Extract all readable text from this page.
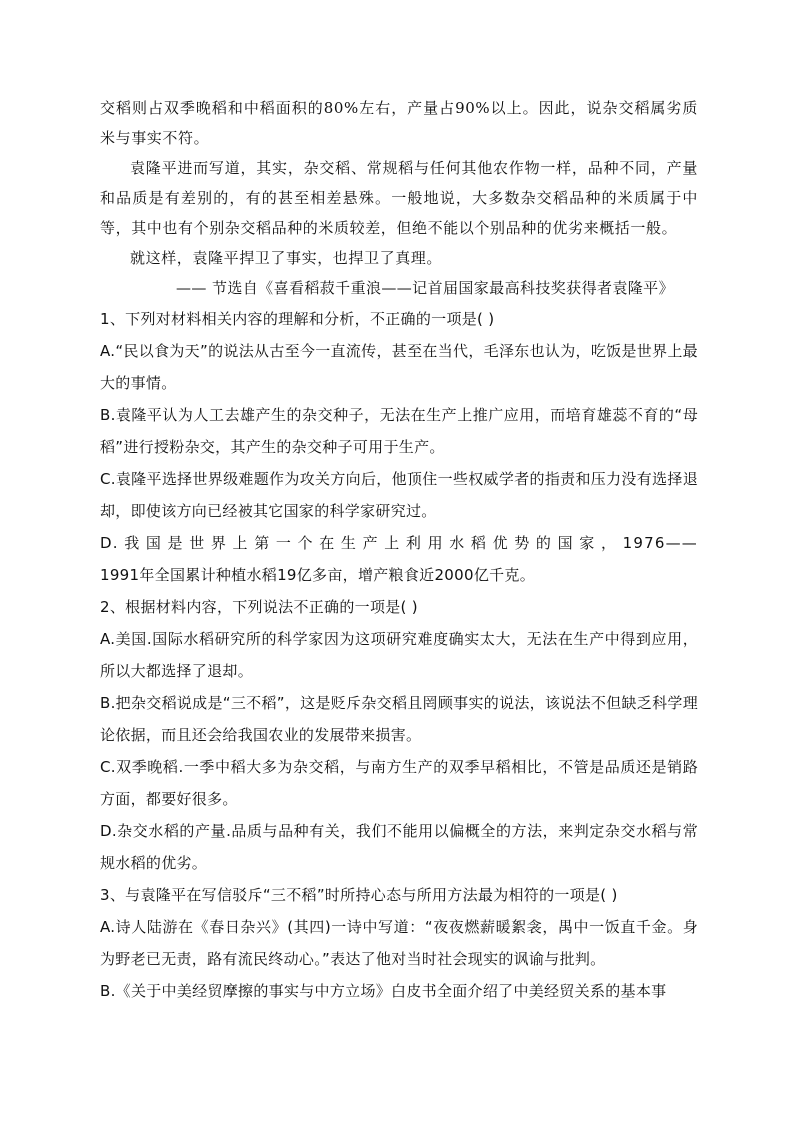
交稻则占双季晚稻和中稻面积的80%左右，产量占90%以上。因此，说杂交稻属劣质米与事实不符。

袁隆平进而写道，其实，杂交稻、常规稻与任何其他农作物一样，品种不同，产量和品质是有差别的，有的甚至相差悬殊。一般地说，大多数杂交稻品种的米质属于中等，其中也有个别杂交稻品种的米质较差，但绝不能以个别品种的优劣来概括一般。

就这样，袁隆平捍卫了事实，也捍卫了真理。

—— 节选自《喜看稻菽千重浪——记首届国家最高科技奖获得者袁隆平》

1、下列对材料相关内容的理解和分析，不正确的一项是( )

A.“民以食为天”的说法从古至今一直流传，甚至在当代，毛泽东也认为，吃饭是世界上最大的事情。

B.袁隆平认为人工去雄产生的杂交种子，无法在生产上推广应用，而培育雄蕊不育的“母稻”进行授粉杂交，其产生的杂交种子可用于生产。

C.袁隆平选择世界级难题作为攻关方向后，他顶住一些权威学者的指责和压力没有选择退却，即使该方向已经被其它国家的科学家研究过。

D.我国是世界上第一个在生产上利用水稻优势的国家，1976——

1991年全国累计种植水稻19亿多亩，增产粮食近2000亿千克。

2、根据材料内容，下列说法不正确的一项是( )

A.美国.国际水稻研究所的科学家因为这项研究难度确实太大，无法在生产中得到应用，所以大都选择了退却。

B.把杂交稻说成是“三不稻”，这是贬斥杂交稻且罔顾事实的说法，该说法不但缺乏科学理论依据，而且还会给我国农业的发展带来损害。

C.双季晚稻.一季中稻大多为杂交稻，与南方生产的双季早稻相比，不管是品质还是销路方面，都要好很多。

D.杂交水稻的产量.品质与品种有关，我们不能用以偏概全的方法，来判定杂交水稻与常规水稻的优劣。

3、与袁隆平在写信驳斥“三不稻”时所持心态与所用方法最为相符的一项是( )

A.诗人陆游在《春日杂兴》(其四)一诗中写道：“夜夜燃薪暖絮衾，禺中一饭直千金。身为野老已无责，路有流民终动心。”表达了他对当时社会现实的讽谕与批判。

B.《关于中美经贸摩擦的事实与中方立场》白皮书全面介绍了中美经贸关系的基本事
